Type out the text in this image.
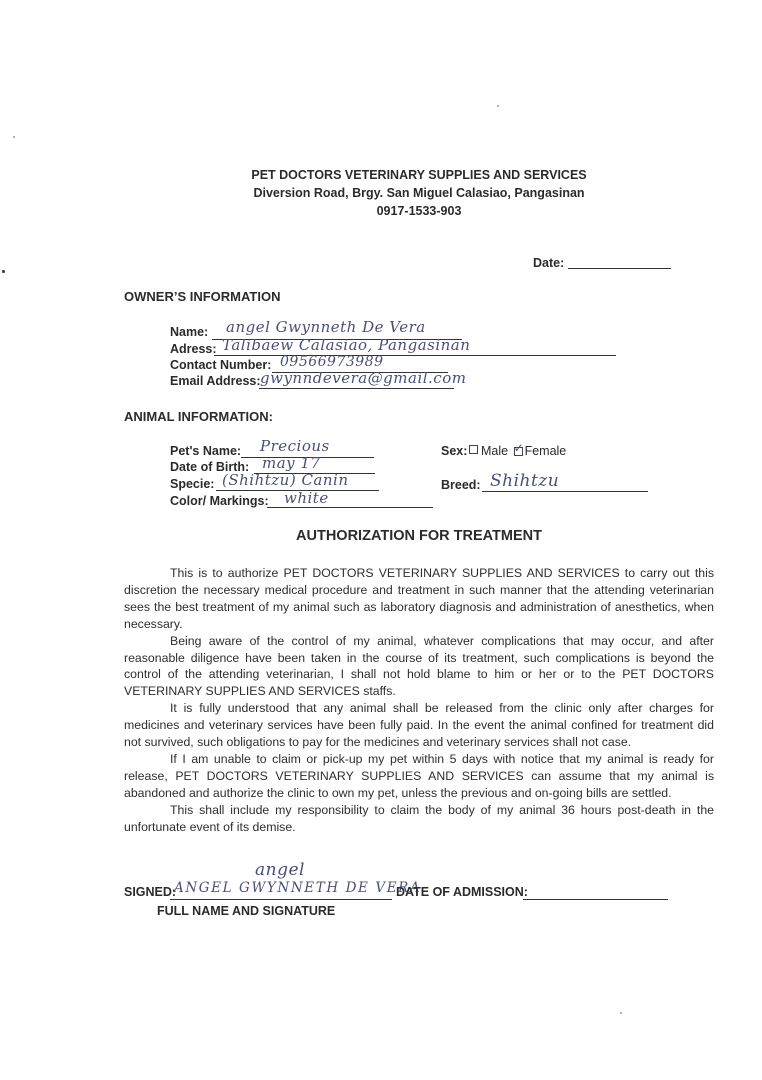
PET DOCTORS VETERINARY SUPPLIES AND SERVICES
Diversion Road, Brgy. San Miguel Calasiao, Pangasinan
0917-1533-903
Date:
OWNER’S INFORMATION
Name: angel Gwynneth De Vera
Adress: Talibaew Calasiao, Pangasinan
Contact Number: 09566973989
Email Address: gwynndevera@gmail.com
ANIMAL INFORMATION:
Pet's Name: Precious
Date of Birth: may 17
Specie: (Shihtzu) Canin
Color/ Markings: white
Sex:	Male ✓ Female
Breed: Shihtzu
AUTHORIZATION FOR TREATMENT

This is to authorize PET DOCTORS VETERINARY SUPPLIES AND SERVICES to carry out this discretion the necessary medical procedure and treatment in such manner that the attending veterinarian sees the best treatment of my animal such as laboratory diagnosis and administration of anesthetics, when necessary.

Being aware of the control of my animal, whatever complications that may occur, and after reasonable diligence have been taken in the course of its treatment, such complications is beyond the control of the attending veterinarian, I shall not hold blame to him or her or to the PET DOCTORS VETERINARY SUPPLIES AND SERVICES staffs.

It is fully understood that any animal shall be released from the clinic only after charges for medicines and veterinary services have been fully paid. In the event the animal confined for treatment did not survived, such obligations to pay for the medicines and veterinary services shall not case.

If I am unable to claim or pick-up my pet within 5 days with notice that my animal is ready for release, PET DOCTORS VETERINARY SUPPLIES AND SERVICES can assume that my animal is abandoned and authorize the clinic to own my pet, unless the previous and on-going bills are settled.

This shall include my responsibility to claim the body of my animal 36 hours post-death in the unfortunate event of its demise.

angel
SIGNED:
ANGEL GWYNNETH DE VERA
FULL NAME AND SIGNATURE
DATE OF ADMISSION:
